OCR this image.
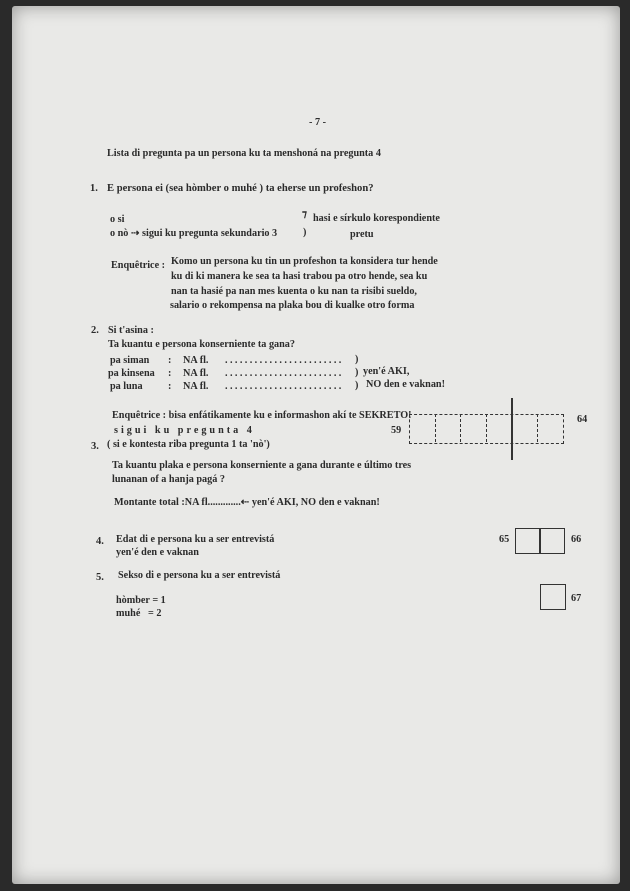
- 7 -
Lista di pregunta pa un persona ku ta menshoná na pregunta 4
1. E persona ei (sea hòmber o muhé ) ta eherse un profeshon?
o si
o nò ⇢ sigui ku pregunta sekundario 3
⁊
)
hasi e sírkulo korespondiente
pretu
Enquêtrice : Komo un persona ku tin un profeshon ta konsidera tur hende
ku di ki manera ke sea ta hasi trabou pa otro hende, sea ku
nan ta hasié pa nan mes kuenta o ku nan ta risibi sueldo,
salario o rekompensa na plaka bou di kualke otro forma
2. Si t'asina :
Ta kuantu e persona konserniente ta gana?
pa siman : NA fl. ........................ )
pa kinsena : NA fl. ........................ )
pa luna : NA fl. ........................ )
yen'é AKI,
NO den e vaknan!
Enquêtrice : bisa enfátikamente ku e informashon akí te SEKRETO!
sigui ku pregunta 4	59
64
3. ( si e kontesta riba pregunta 1 ta 'nò')
Ta kuantu plaka e persona konserniente a gana durante e último tres
lunanan of a hanja pagá ?
Montante total :NA fl.............⇠ yen'é AKI, NO den e vaknan!
4. Edat di e persona ku a ser entrevistá
yen'é den e vaknan
65	66
5. Sekso di e persona ku a ser entrevistá
hòmber = 1
muhé   = 2
67
